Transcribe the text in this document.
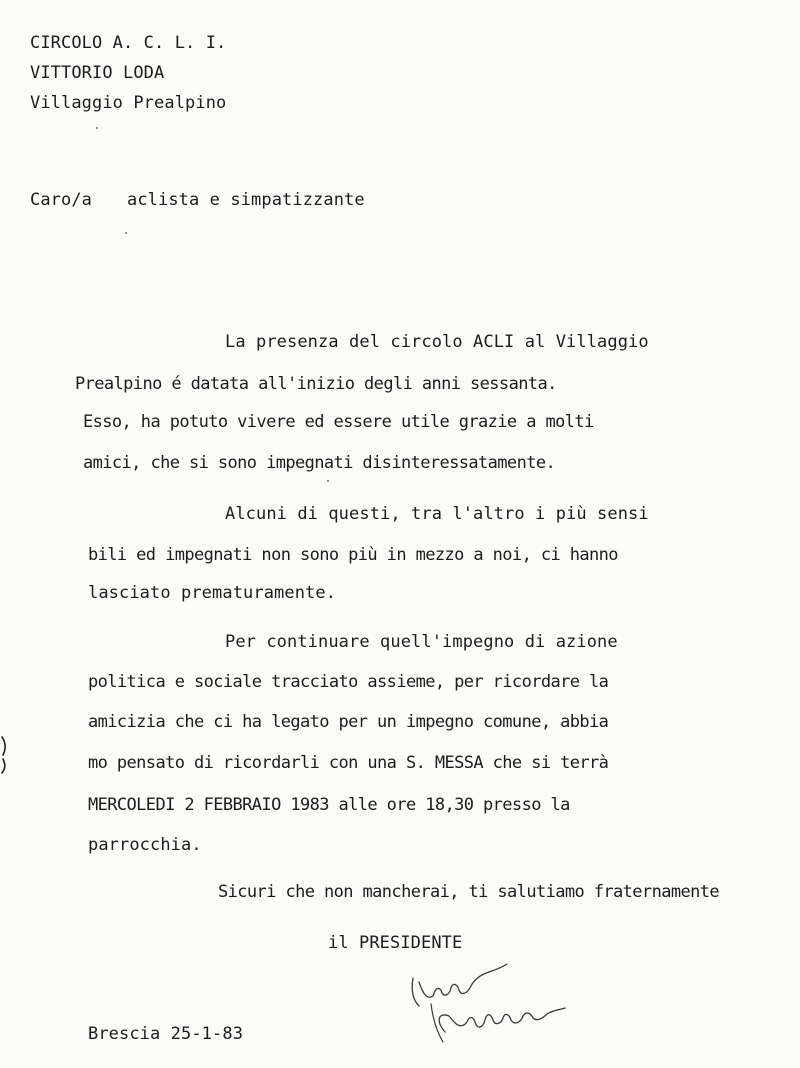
CIRCOLO A. C. L. I.
VITTORIO LODA
Villaggio Prealpino
Caro/a aclista e simpatizzante
La presenza del circolo ACLI al Villaggio
Prealpino é datata all'inizio degli anni sessanta.
Esso, ha potuto vivere ed essere utile grazie a molti
amici, che si sono impegnati disinteressatamente.
Alcuni di questi, tra l'altro i più sensi
bili ed impegnati non sono più in mezzo a noi, ci hanno
lasciato prematuramente.
Per continuare quell'impegno di azione
politica e sociale tracciato assieme, per ricordare la
amicizia che ci ha legato per un impegno comune, abbia
mo pensato di ricordarli con una S. MESSA che si terrà
MERCOLEDI 2 FEBBRAIO 1983 alle ore 18,30 presso la
parrocchia.
Sicuri che non mancherai, ti salutiamo fraternamente
il PRESIDENTE
Brescia 25-1-83
